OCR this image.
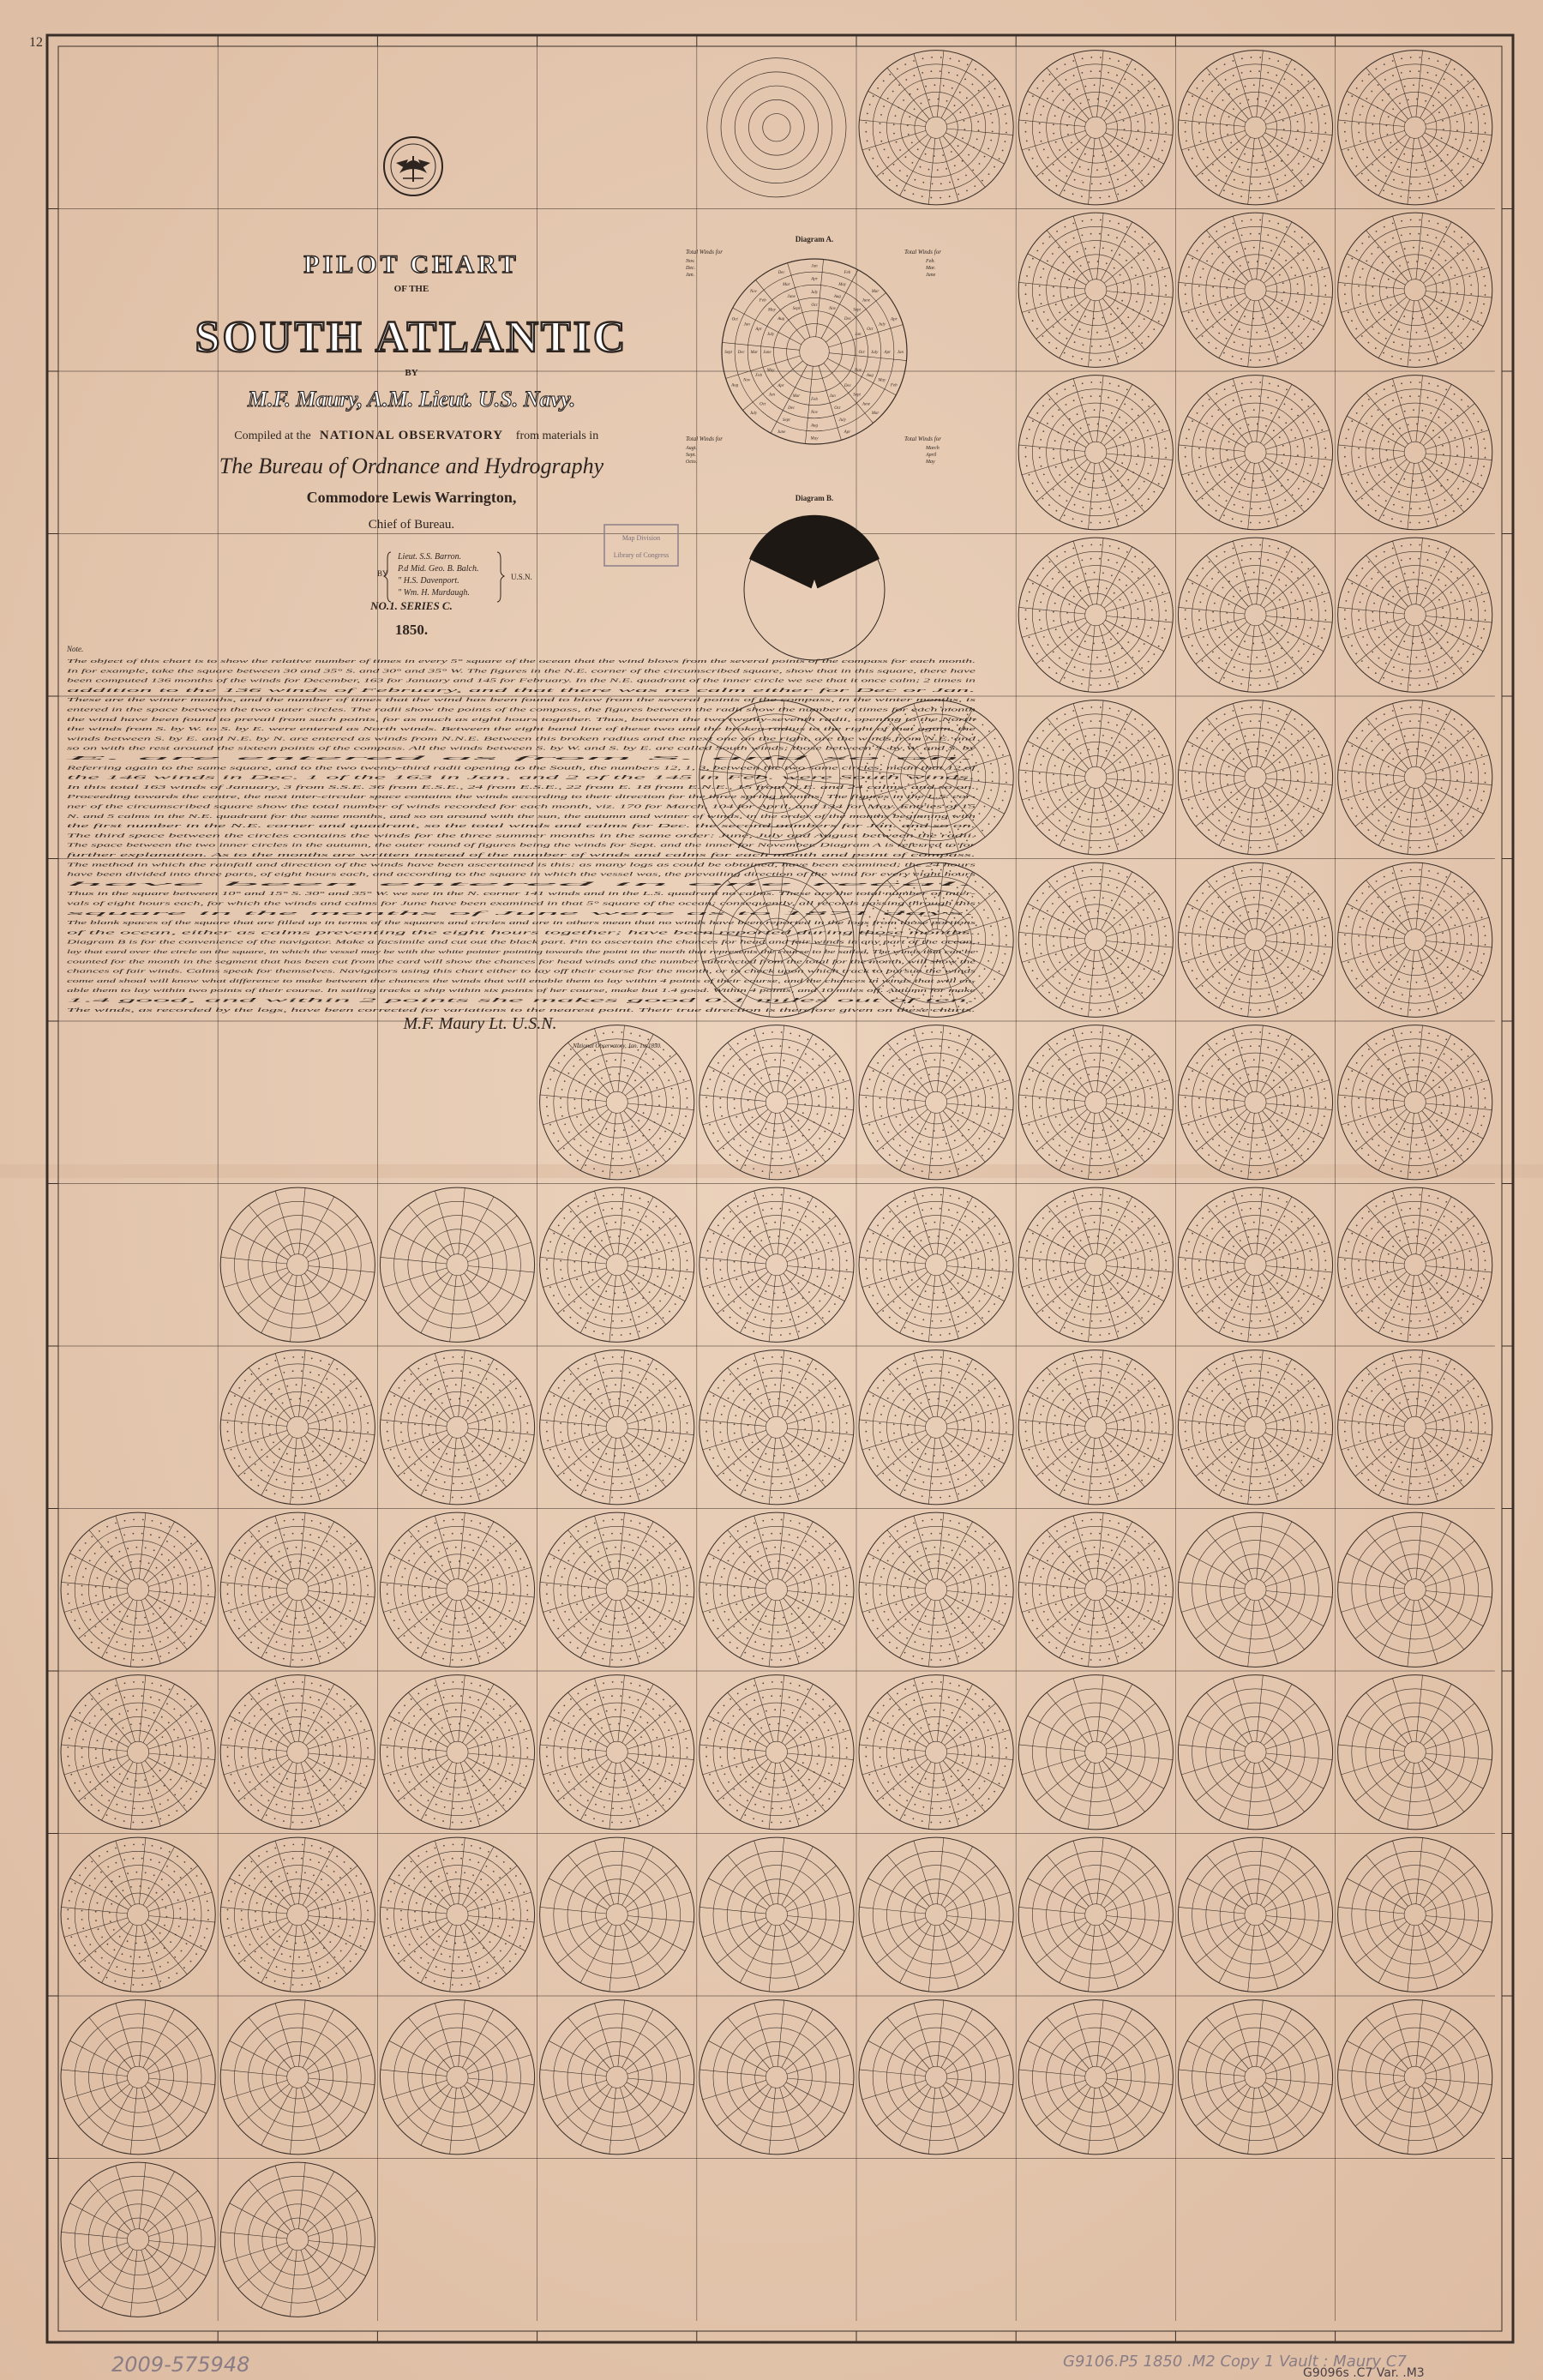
12
PILOT CHART
OF THE
SOUTH ATLANTIC
BY
M.F. Maury, A.M. Lieut. U.S. Navy.
Compiled at the NATIONAL OBSERVATORY from materials in
The Bureau of Ordnance and Hydrography
Commodore Lewis Warrington,
Chief of Bureau.
BY
Lieut. S.S. Barron.
P.d Mid. Geo. B. Balch.
" H.S. Davenport.
" Wm. H. Murdaugh.
U.S.N.
NO.1. SERIES C.
1850.
Map Division
Library of Congress
Note.
The object of this chart is to show the relative number of times in every 5° square of the ocean that the wind blows from the several points of the compass for each month.
In for example, take the square between 30 and 35° S. and 30° and 35° W. The figures in the N.E. corner of the circumscribed square, show that in this square, there have
been computed 136 months of the winds for December, 163 for January and 145 for February. In the N.E. quadrant of the inner circle we see that it once calm; 2 times in
addition to the 136 winds of February, and that there was no calm either for Dec or Jan.
These are the winter months, and the number of times that the wind has been found to blow from the several points of the compass, in the winter months, is
entered in the space between the two outer circles. The radii show the points of the compass, the figures between the radii show the number of times for each month
the wind have been found to prevail from such points, for as much as eight hours together. Thus, between the two twenty-seventh radii, opening to the North
the winds from S. by W. to S. by E. were entered as North winds. Between the eight band line of these two and the broken radius to the right of that again, the
winds between S. by E. and N.E. by N. are entered as winds from N.N.E. Between this broken radius and the next one on the right, are the winds from N.E. and
so on with the rest around the sixteen points of the compass. All the winds between S. by W. and S. by E. are called South winds; those between S. by W. and S. by
E. are entered as from S. and so on.
Referring again to the same square, and to the two twenty-third radii opening to the South, the numbers 12, 1, 3, between the two same circles, mean that 12 of
the 146 winds in Dec. 1 of the 163 in Jan. and 2 of the 145 in Feb. were South winds.
In this total 163 winds of January, 3 from S.S.E. 36 from E.S.E., 24 from E.S.E., 22 from E. 18 from E.N.E., 15 from N.E. and 24 calms, and so on.
Proceeding towards the centre, the next inter-circular space contains the winds according to their direction for the three spring months. The figures in the L.S. cor-
ner of the circumscribed square show the total number of winds recorded for each month, viz. 170 for March, 104 for April, and 134 for May. Entries of 15
N. and 5 calms in the N.E. quadrant for the same months, and so on around with the sun, the autumn and winter of winds, in the order of the months beginning with
the first number in the N.E. corner and quadrant, so the total winds and calms for Dec. the second numbers for Jan. and so on.
The third space between the circles contains the winds for the three summer months in the same order: June, July and August between the radii.
The space between the two inner circles in the autumn, the outer round of figures being the winds for Sept. and the inner for November. Diagram A is referred to for
further explanation. As to the months are written instead of the number of winds and calms for each month and point of compass.
The method in which the rainfall and direction of the winds have been ascertained is this: as many logs as could be obtained, have been examined; the 24 hours
have been divided into three parts, of eight hours each, and according to the square in which the vessel was, the prevailing direction of the wind for every eight hours
have been entered in one recal.
Thus in the square between 10° and 15° S. 30° and 35° W. we see in the N. corner 141 winds and in the L.S. quadrant no calms. These are the total number of inter-
vals of eight hours each, for which the winds and calms for June have been examined in that 5° square of the ocean; consequently, all records passing through this
square in the months of June were as to 1871 days.
The blank spaces of the square that are filled up in terms of the squares and circles and are in others mean that no winds have been reported in the logs from those portions
of the ocean, either as calms preventing the eight hours together; have been reported during those months.
Diagram B is for the convenience of the navigator. Make a facsimile and cut out the black part. Pin to ascertain the chances for head and fair winds in any part of the ocean,
lay that card over the circle on the square, in which the vessel may be with the white pointer pointing towards the point in the north that represents the course to be sailed. The winds that can be
counted for the month in the segment that has been cut from the card will show the chances for head winds and the number subtracted from the total for the month, will show the
chances of fair winds. Calms speak for themselves. Navigators using this chart either to lay off their course for the month, or to check upon which track to pursue the winds
come and shoal will know what difference to make between the chances the winds that will enable them to lay within 4 points of their course, and the chances in winds that will en-
able them to lay within two points of their course. In sailing tracks a ship within six points of her course, make but 1.4 good. Within 4 points, and 10 miles off. Autumn for make
1.4 good, and within 2 points she makes good 0.1 miles out of ten.
The winds, as recorded by the logs, have been corrected for variations to the nearest point. Their true direction is therefore given on these charts.
M.F. Maury Lt. U.S.N.
National Observatory, Jan. 1st 1850.
Diagram A.
Jan
Feb
Mar
Apr
May
June
July
Aug
Sept
Oct
Nov
Dec
Jan
Feb
Mar
Apr
Apr
May
June
July
Aug
Sept
Oct
Nov
Dec
Jan
Feb
Mar
Apr
May
June
July
July
Aug
Sept
Oct
Nov
Dec
Jan
Feb
Mar
Apr
May
June
July
Aug
Sept
Oct
Oct
Nov
Dec
Jan
Feb
Mar
Apr
May
June
July
Aug
Sept
Oct
Nov
Dec
Jan
Total Winds for
Nov.
Dec.
Jan.
Total Winds for
Feb.
Mar.
June
Total Winds for
Augt.
Sept.
Octo.
Total Winds for
March
April
May
Diagram B.
2009-575948	G9106.P5 1850 .M2 Copy 1 Vault : Maury C7
G9096s .C7 Var. .M3
